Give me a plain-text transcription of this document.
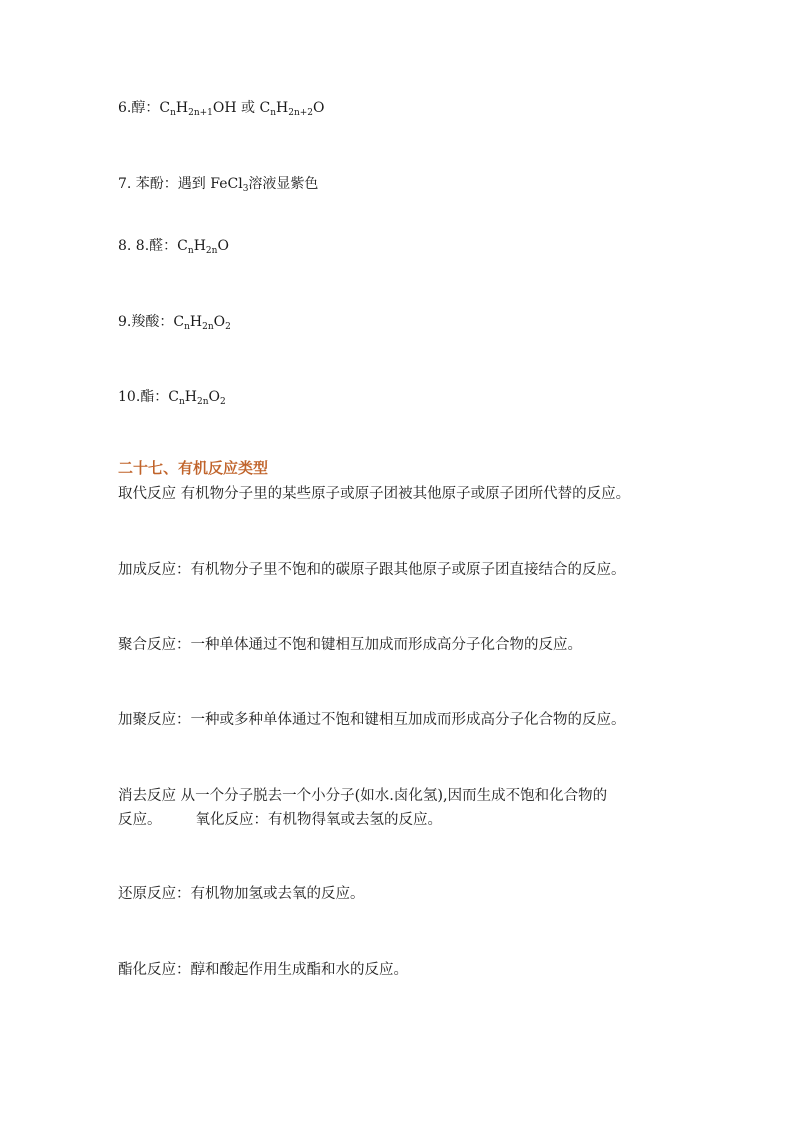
6.醇：$C_nH_{2n+1}OH$ 或 $C_nH_{2n+2}O$
7. 苯酚：遇到 FeCl$_3$溶液显紫色
8. 8.醛：$C_nH_{2n}O$
9.羧酸：$C_nH_{2n}O_2$
10.酯：$C_nH_{2n}O_2$
二十七、有机反应类型
取代反应 有机物分子里的某些原子或原子团被其他原子或原子团所代替的反应。
加成反应：有机物分子里不饱和的碳原子跟其他原子或原子团直接结合的反应。
聚合反应：一种单体通过不饱和键相互加成而形成高分子化合物的反应。
加聚反应：一种或多种单体通过不饱和键相互加成而形成高分子化合物的反应。
消去反应 从一个分子脱去一个小分子(如水.卤化氢),因而生成不饱和化合物的
反应。 氧化反应：有机物得氧或去氢的反应。
还原反应：有机物加氢或去氧的反应。
酯化反应：醇和酸起作用生成酯和水的反应。
